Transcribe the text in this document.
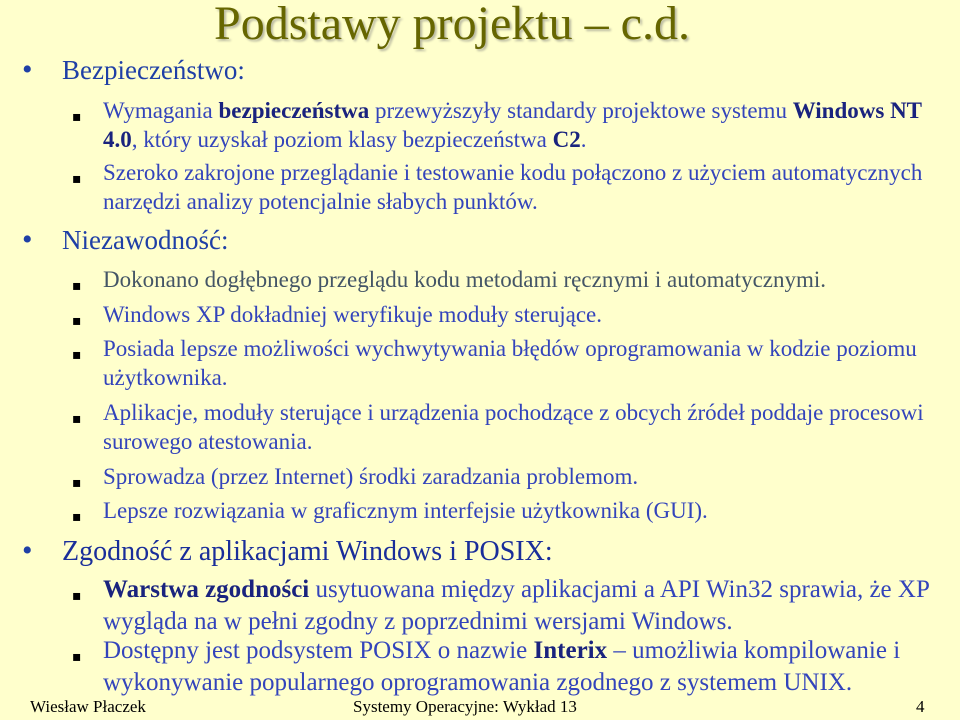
Podstawy projektu – c.d.
• Bezpieczeństwo:
▪ Wymagania bezpieczeństwa przewyższyły standardy projektowe systemu Windows NT 4.0, który uzyskał poziom klasy bezpieczeństwa C2.
▪ Szeroko zakrojone przeglądanie i testowanie kodu połączono z użyciem automatycznych narzędzi analizy potencjalnie słabych punktów.
• Niezawodność:
▪ Dokonano dogłębnego przeglądu kodu metodami ręcznymi i automatycznymi.
▪ Windows XP dokładniej weryfikuje moduły sterujące.
▪ Posiada lepsze możliwości wychwytywania błędów oprogramowania w kodzie poziomu użytkownika.
▪ Aplikacje, moduły sterujące i urządzenia pochodzące z obcych źródeł poddaje procesowi surowego atestowania.
▪ Sprowadza (przez Internet) środki zaradzania problemom.
▪ Lepsze rozwiązania w graficznym interfejsie użytkownika (GUI).
• Zgodność z aplikacjami Windows i POSIX:
▪ Warstwa zgodności usytuowana między aplikacjami a API Win32 sprawia, że XP wygląda na w pełni zgodny z poprzednimi wersjami Windows.
▪ Dostępny jest podsystem POSIX o nazwie Interix – umożliwia kompilowanie i wykonywanie popularnego oprogramowania zgodnego z systemem UNIX.
Wiesław Płaczek	Systemy Operacyjne: Wykład 13	4
